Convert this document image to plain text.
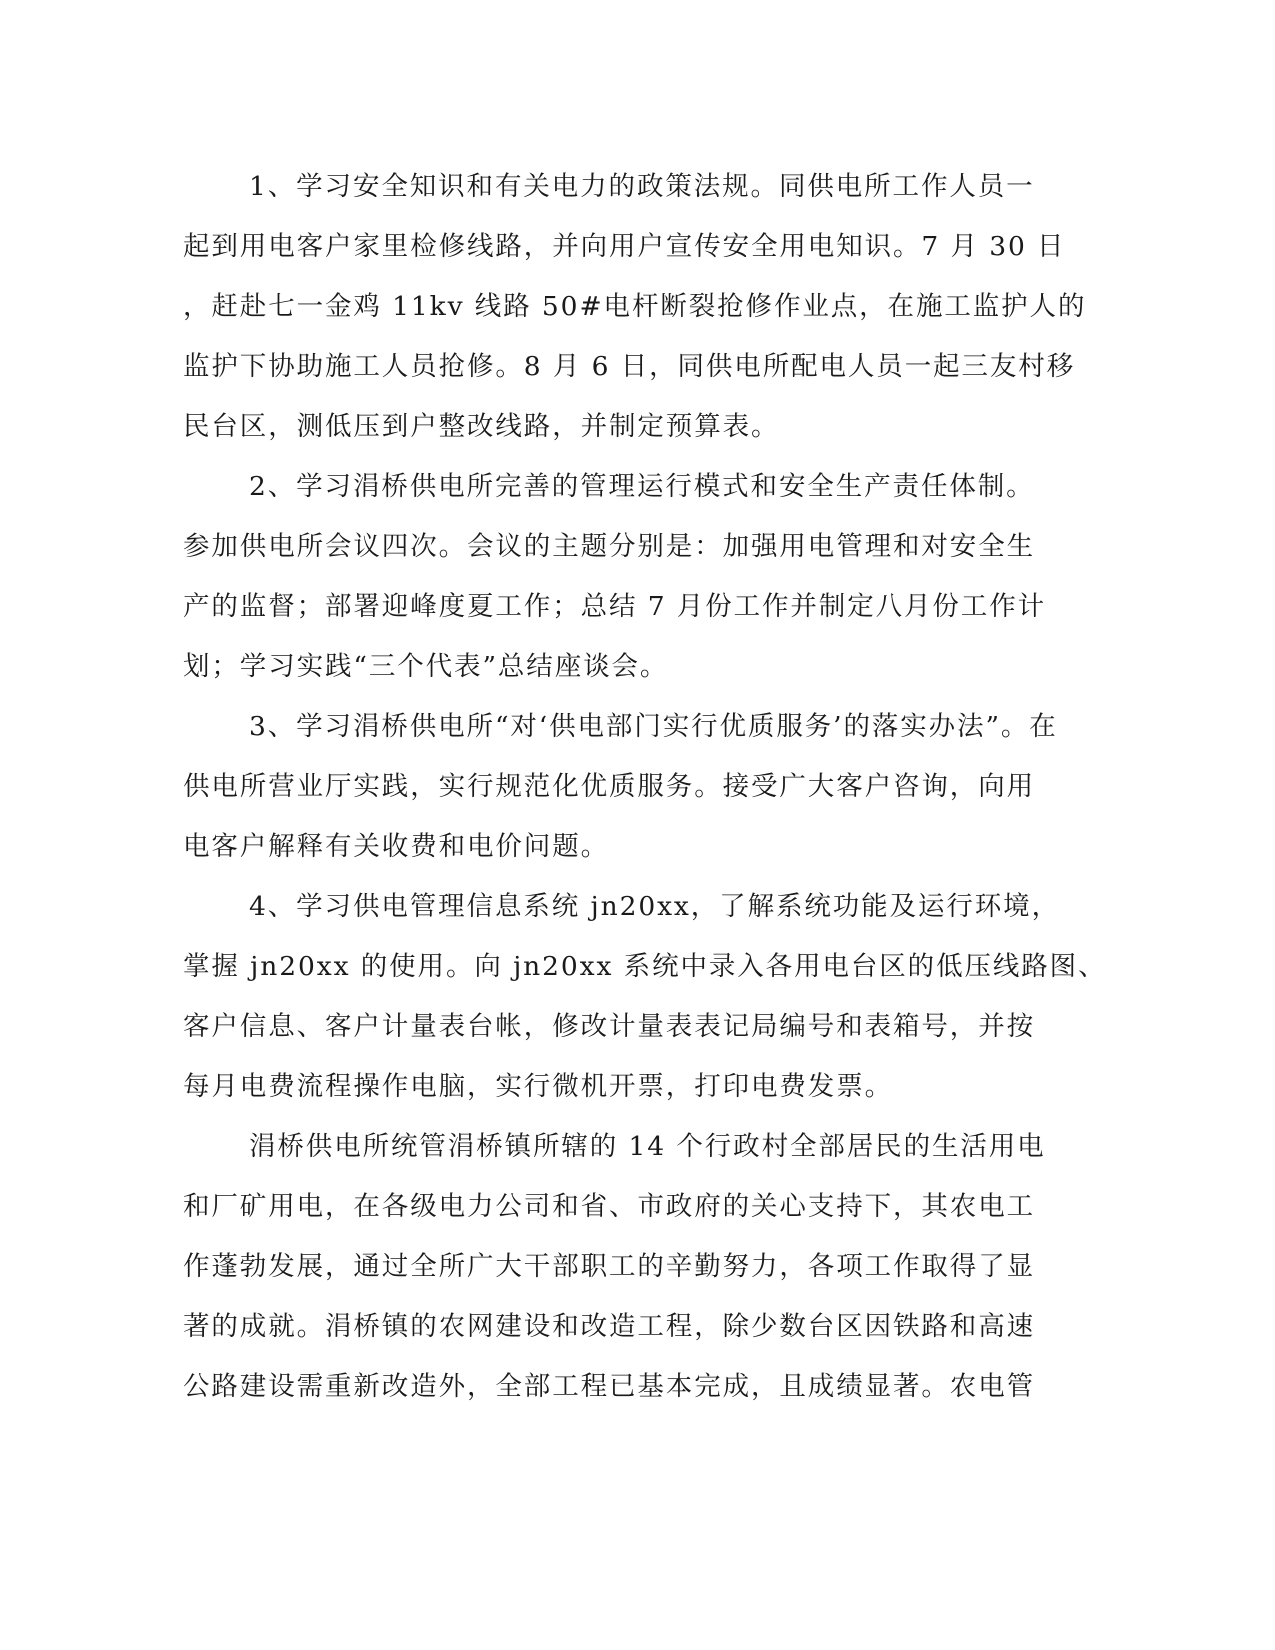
1、学习安全知识和有关电力的政策法规。同供电所工作人员一
起到用电客户家里检修线路，并向用户宣传安全用电知识。7 月 30 日
，赶赴七一金鸡 11kv 线路 50#电杆断裂抢修作业点，在施工监护人的
监护下协助施工人员抢修。8 月 6 日，同供电所配电人员一起三友村移
民台区，测低压到户整改线路，并制定预算表。
2、学习涓桥供电所完善的管理运行模式和安全生产责任体制。
参加供电所会议四次。会议的主题分别是：加强用电管理和对安全生
产的监督；部署迎峰度夏工作；总结 7 月份工作并制定八月份工作计
划；学习实践“三个代表”总结座谈会。
3、学习涓桥供电所“对‘供电部门实行优质服务’的落实办法”。在
供电所营业厅实践，实行规范化优质服务。接受广大客户咨询，向用
电客户解释有关收费和电价问题。
4、学习供电管理信息系统 jn20xx，了解系统功能及运行环境，
掌握 jn20xx 的使用。向 jn20xx 系统中录入各用电台区的低压线路图、
客户信息、客户计量表台帐，修改计量表表记局编号和表箱号，并按
每月电费流程操作电脑，实行微机开票，打印电费发票。
涓桥供电所统管涓桥镇所辖的 14 个行政村全部居民的生活用电
和厂矿用电，在各级电力公司和省、市政府的关心支持下，其农电工
作蓬勃发展，通过全所广大干部职工的辛勤努力，各项工作取得了显
著的成就。涓桥镇的农网建设和改造工程，除少数台区因铁路和高速
公路建设需重新改造外，全部工程已基本完成，且成绩显著。农电管
